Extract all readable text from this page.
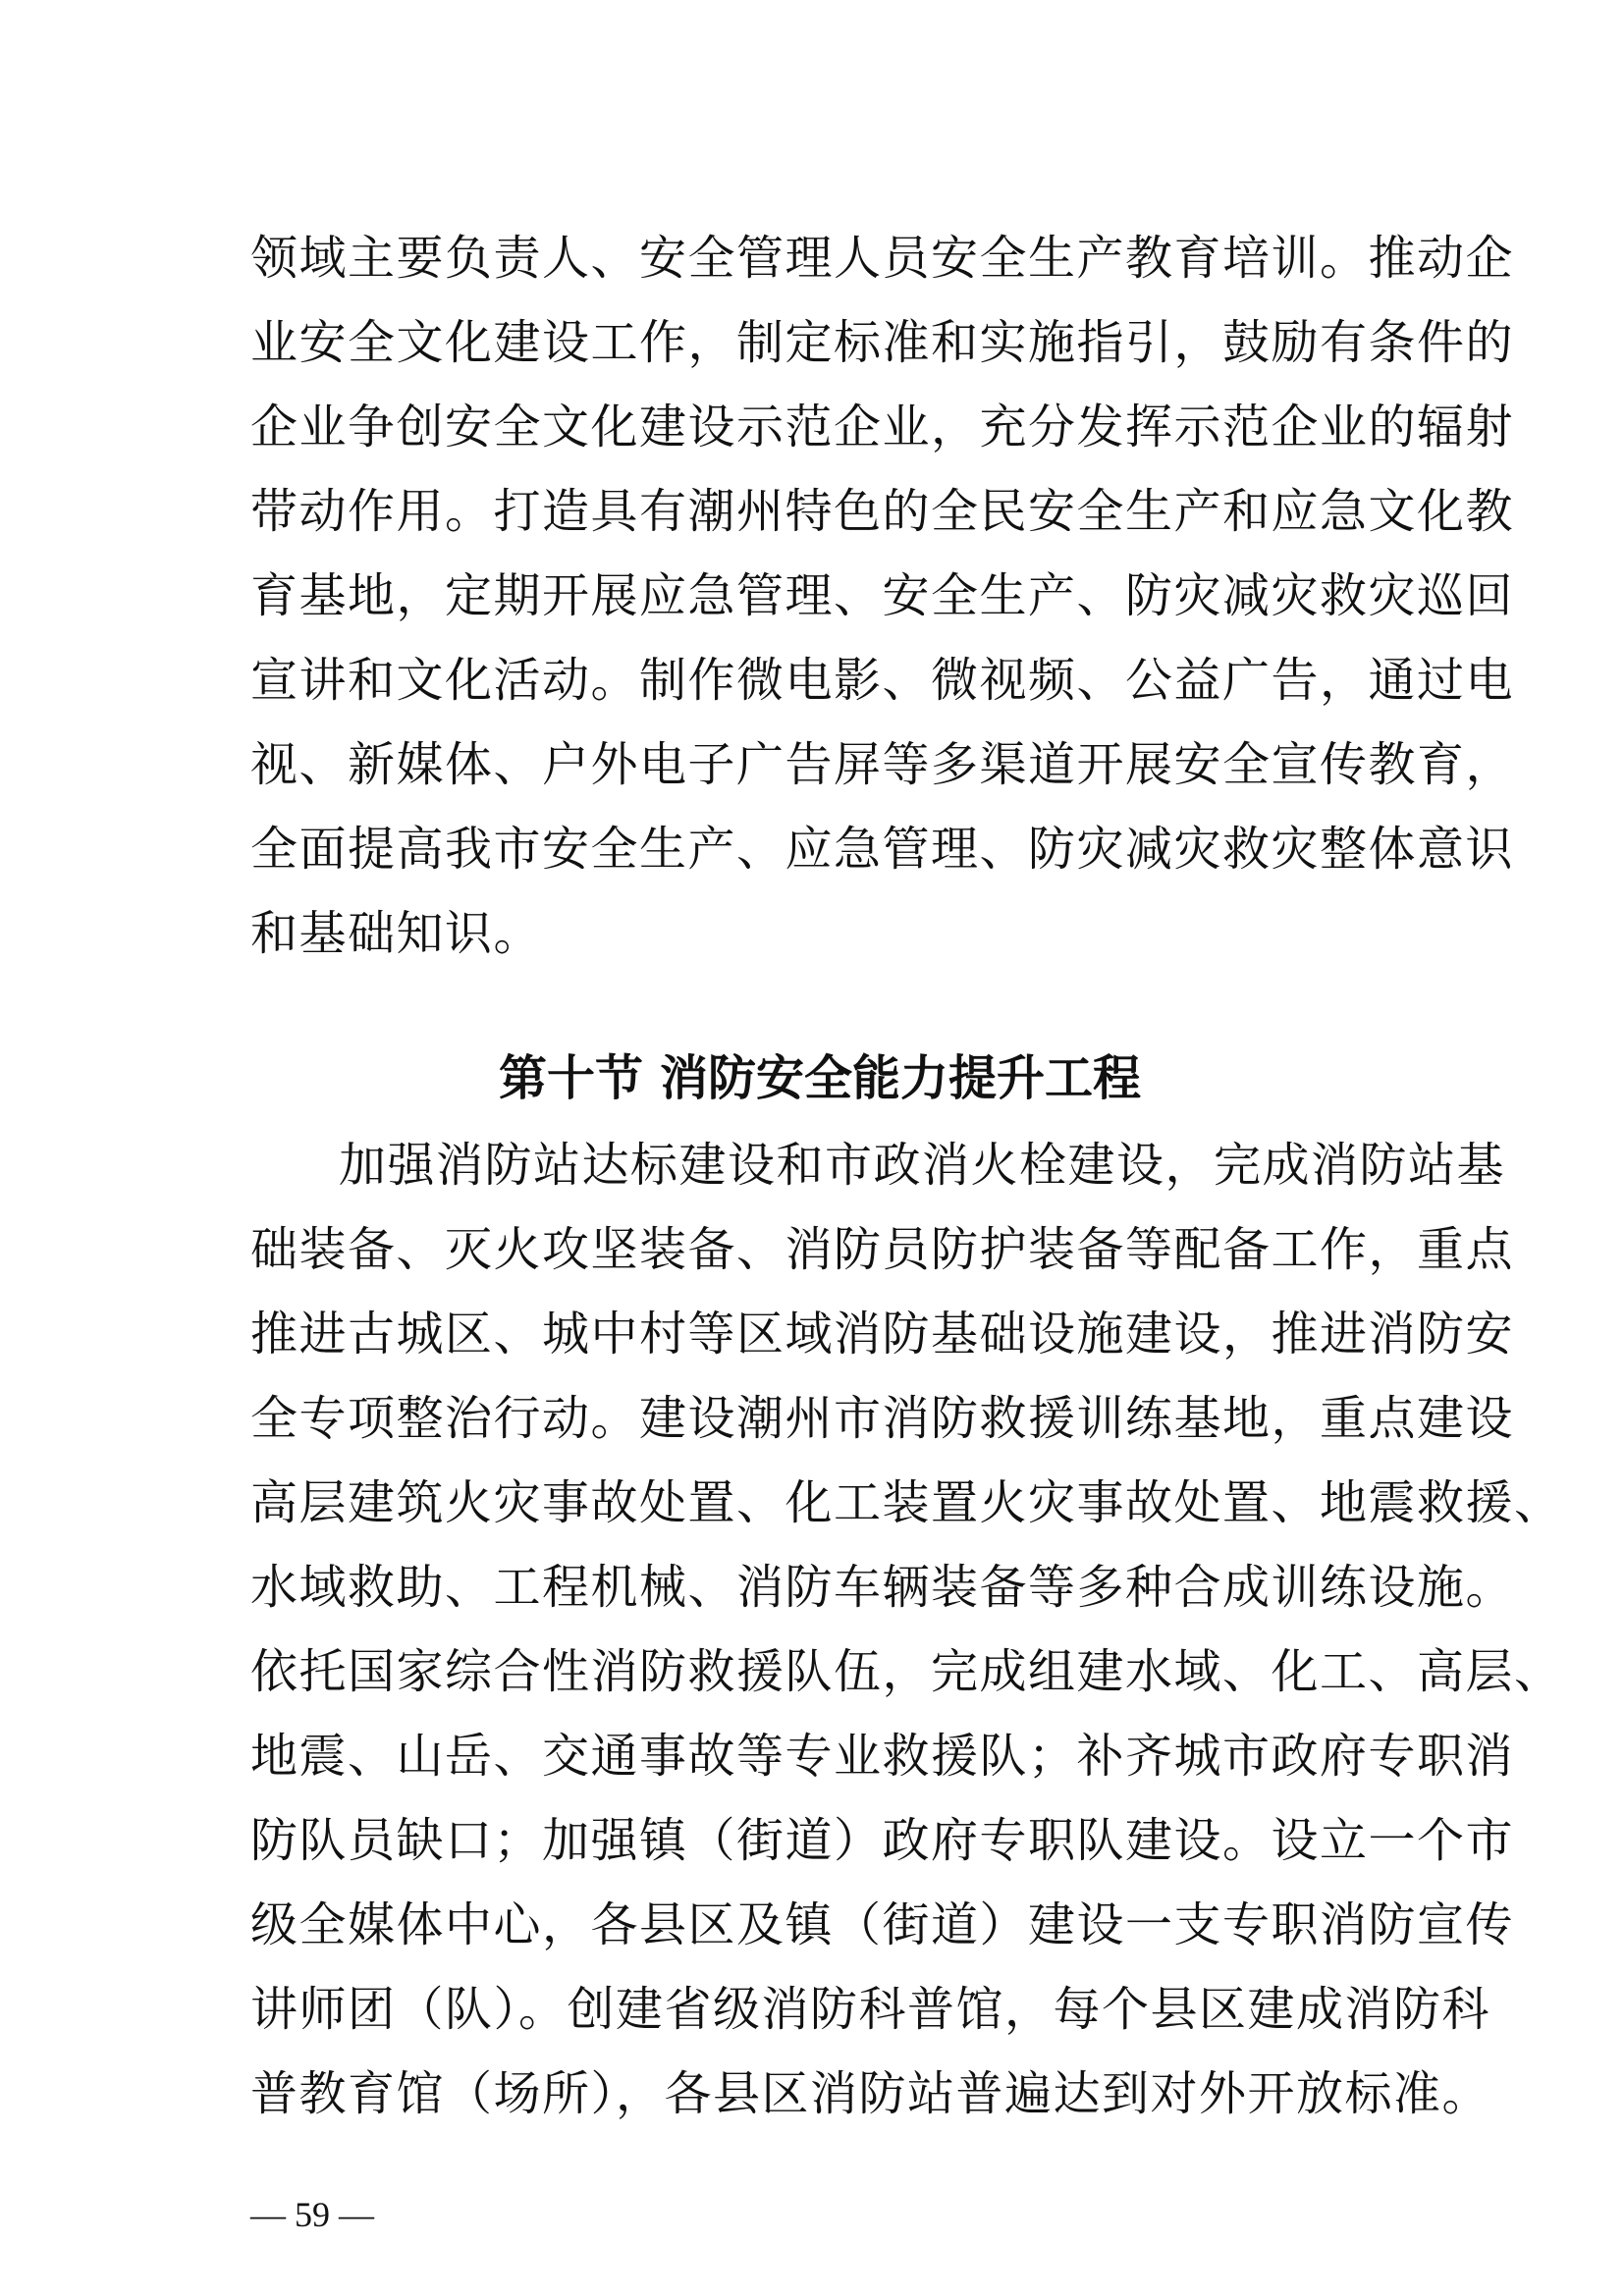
领域主要负责人、安全管理人员安全生产教育培训。推动企
业安全文化建设工作，制定标准和实施指引，鼓励有条件的
企业争创安全文化建设示范企业，充分发挥示范企业的辐射
带动作用。打造具有潮州特色的全民安全生产和应急文化教
育基地，定期开展应急管理、安全生产、防灾减灾救灾巡回
宣讲和文化活动。制作微电影、微视频、公益广告，通过电
视、新媒体、户外电子广告屏等多渠道开展安全宣传教育，
全面提高我市安全生产、应急管理、防灾减灾救灾整体意识
和基础知识。
第十节 消防安全能力提升工程
加强消防站达标建设和市政消火栓建设，完成消防站基
础装备、灭火攻坚装备、消防员防护装备等配备工作，重点
推进古城区、城中村等区域消防基础设施建设，推进消防安
全专项整治行动。建设潮州市消防救援训练基地，重点建设
高层建筑火灾事故处置、化工装置火灾事故处置、地震救援、
水域救助、工程机械、消防车辆装备等多种合成训练设施。
依托国家综合性消防救援队伍，完成组建水域、化工、高层、
地震、山岳、交通事故等专业救援队；补齐城市政府专职消
防队员缺口；加强镇（街道）政府专职队建设。设立一个市
级全媒体中心，各县区及镇（街道）建设一支专职消防宣传
讲师团（队）。创建省级消防科普馆，每个县区建成消防科
普教育馆（场所），各县区消防站普遍达到对外开放标准。
— 59 —
